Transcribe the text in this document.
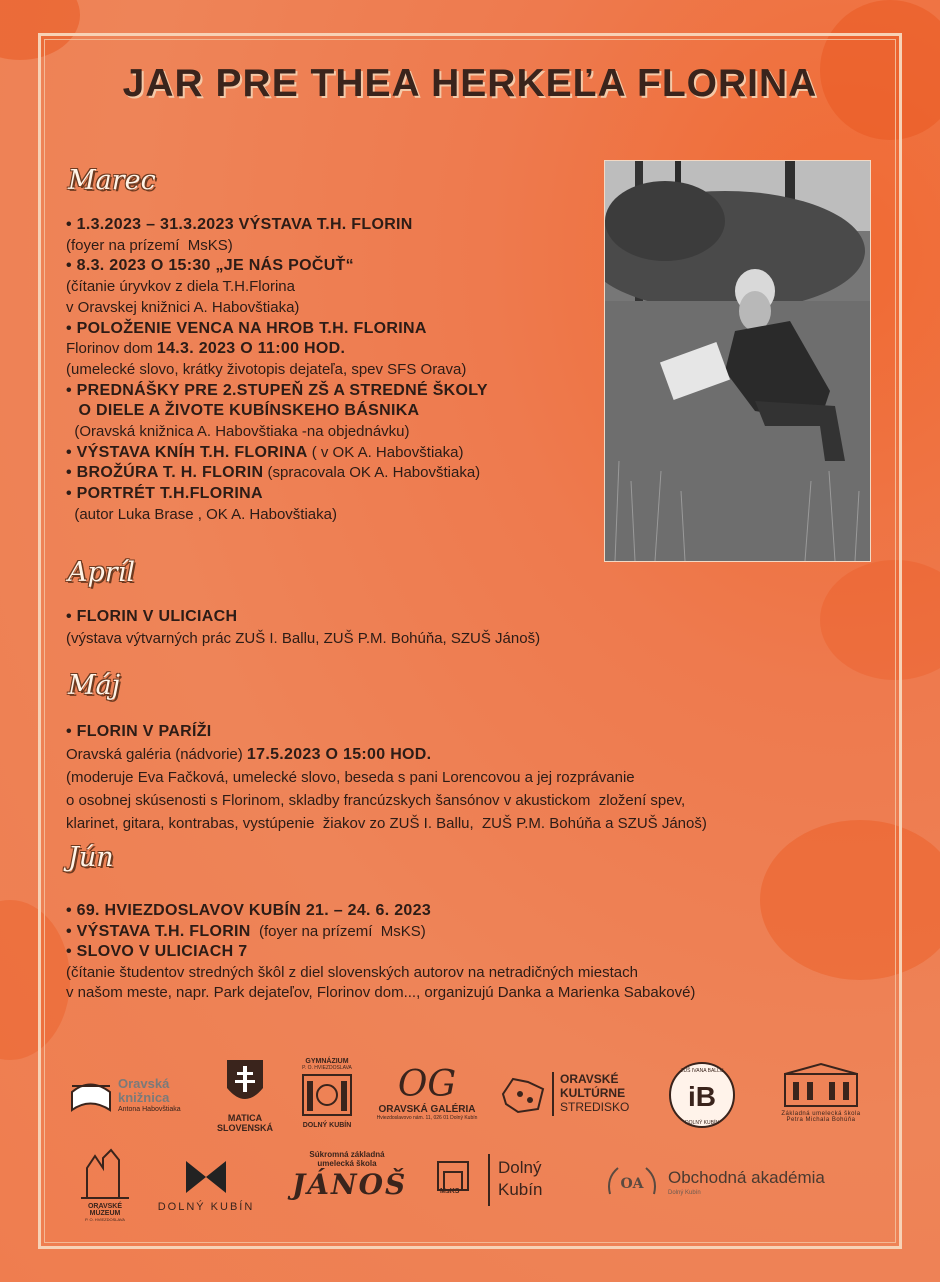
JAR PRE THEA HERKEĽA FLORINA
Marec
• 1.3.2023 – 31.3.2023 VÝSTAVA T.H. FLORIN
(foyer na prízemí  MsKS)
• 8.3. 2023 O 15:30 „JE NÁS POČUŤ“
(čítanie úryvkov z diela T.H.Florina
v Oravskej knižnici A. Habovštiaka)
• POLOŽENIE VENCA NA HROB T.H. FLORINA
Florinov dom 14.3. 2023 O 11:00 HOD.
(umelecké slovo, krátky životopis dejateľa, spev SFS Orava)
• PREDNÁŠKY PRE 2.STUPEŇ ZŠ A STREDNÉ ŠKOLY
O DIELE A ŽIVOTE KUBÍNSKEHO BÁSNIKA
(Oravská knižnica A. Habovštiaka -na objednávku)
• VÝSTAVA KNÍH T.H. FLORINA ( v OK A. Habovštiaka)
• BROŽÚRA T. H. FLORIN (spracovala OK A. Habovštiaka)
• PORTRÉT T.H.FLORINA
(autor Luka Brase , OK A. Habovštiaka)
Apríl
• FLORIN V ULICIACH
(výstava výtvarných prác ZUŠ I. Ballu, ZUŠ P.M. Bohúňa, SZUŠ Jánoš)
Máj
• FLORIN V PARÍŽI
Oravská galéria (nádvorie) 17.5.2023 O 15:00 HOD.
(moderuje Eva Fačková, umelecké slovo, beseda s pani Lorencovou a jej rozprávanie
o osobnej skúsenosti s Florinom, skladby francúzskych šansónov v akustickom  zložení spev,
klarinet, gitara, kontrabas, vystúpenie  žiakov zo ZUŠ I. Ballu,  ZUŠ P.M. Bohúňa a SZUŠ Jánoš)
Jún
• 69. HVIEZDOSLAVOV KUBÍN 21. – 24. 6. 2023
• VÝSTAVA T.H. FLORIN  (foyer na prízemí  MsKS)
• SLOVO V ULICIACH 7
(čítanie študentov stredných škôl z diel slovenských autorov na netradičných miestach
v našom meste, napr. Park dejateľov, Florinov dom..., organizujú Danka a Marienka Sabakové)
Oravská
knižnica
Antona Habovštiaka
MATICA
SLOVENSKÁ
GYMNÁZIUM
P. O. HVIEZDOSLAVA
DOLNÝ KUBÍN
OG
ORAVSKÁ GALÉRIA
Hviezdoslavovo nám. 11, 026 01 Dolný Kubín
ORAVSKÉ
KULTÚRNE
STREDISKO iB
ZUŠ IVANA BALLU
DOLNÝ KUBÍN
Základná umelecká škola
Petra Michala Bohúňa
ORAVSKÉ
MÚZEUM
P. O. HVIEZDOSLAVA
DOLNÝ KUBÍN
Súkromná základná
umelecká škola
JÁNOŠ	MsKS
Dolný
Kubín	OA Obchodná akadémia
Dolný Kubín
